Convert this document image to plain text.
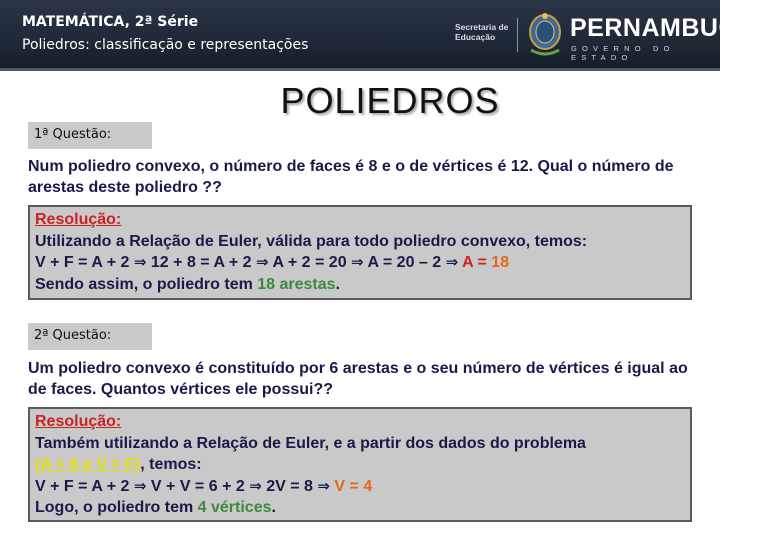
MATEMÁTICA, 2ª Série
Poliedros: classificação e representações
Secretaria de Educação	PERNAMBUCO
GOVERNO DO ESTADO
POLIEDROS
1ª Questão:
Num poliedro convexo, o número de faces é 8 e o de vértices é 12. Qual o número de arestas deste poliedro ??
Resolução:
Utilizando a Relação de Euler, válida para todo poliedro convexo, temos:
V + F = A + 2 ⇒ 12 + 8 = A + 2 ⇒ A + 2 = 20 ⇒ A = 20 – 2 ⇒ A = 18
Sendo assim, o poliedro tem 18 arestas.
2ª Questão:
Um poliedro convexo é constituído por 6 arestas e o seu número de vértices é igual ao de faces. Quantos vértices ele possui??
Resolução:
Também utilizando a Relação de Euler, e a partir dos dados do problema
(A = 6 e V = F), temos:
V + F = A + 2 ⇒ V + V = 6 + 2 ⇒ 2V = 8 ⇒ V = 4
Logo, o poliedro tem 4 vértices.
